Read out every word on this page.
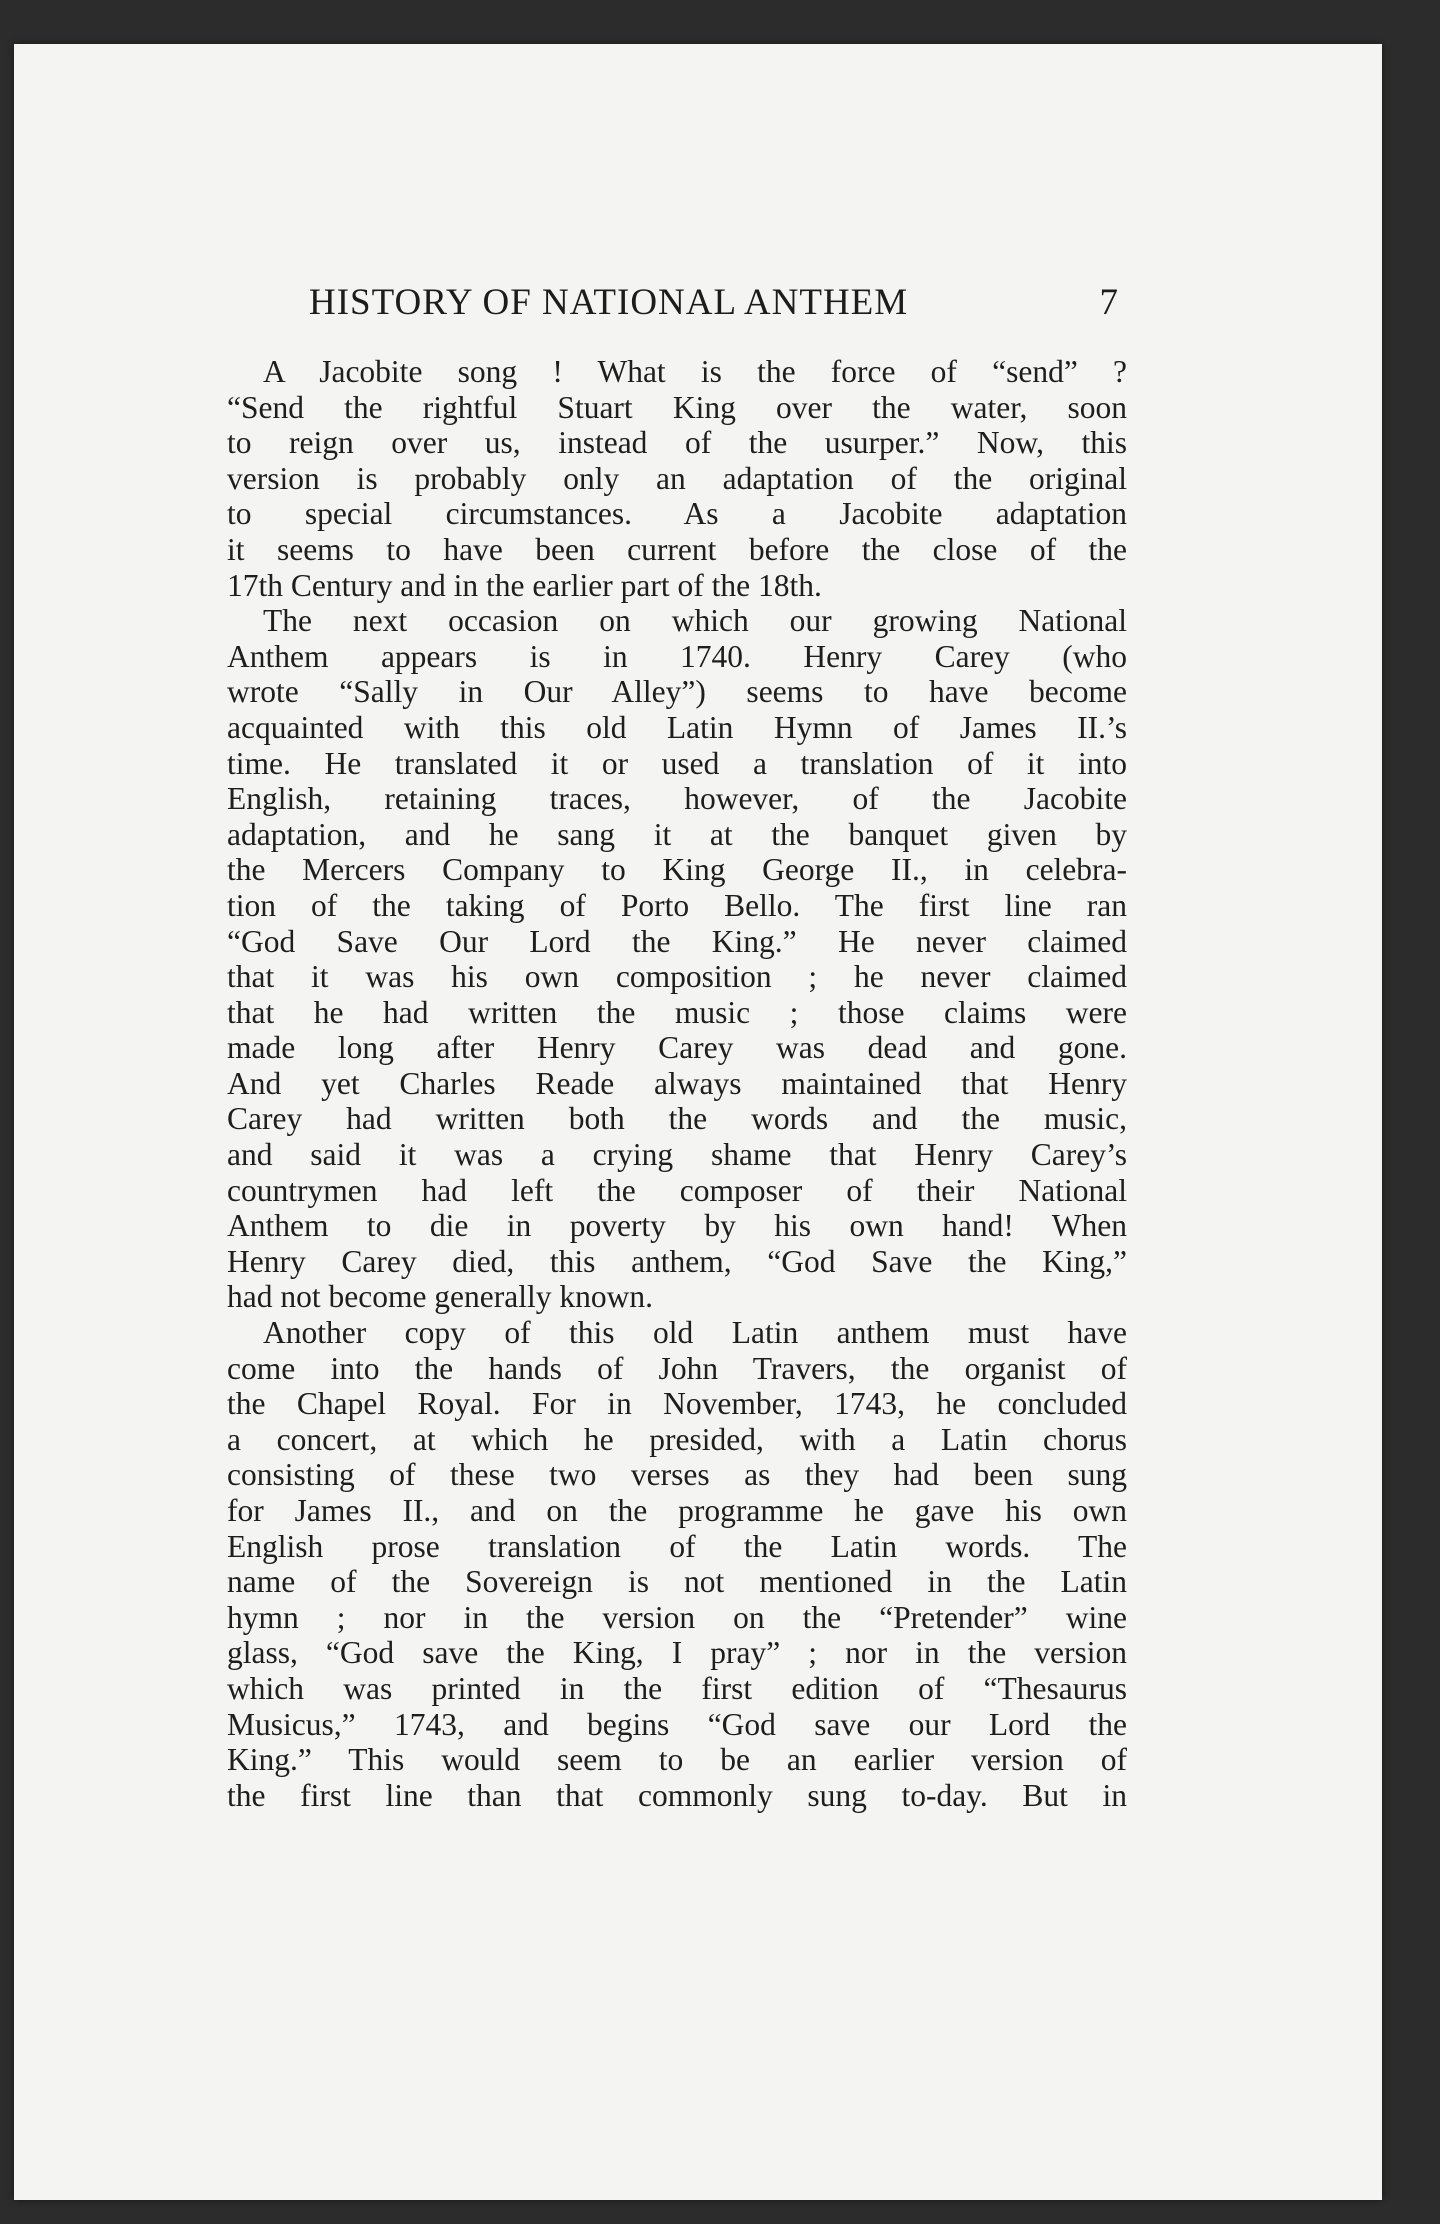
HISTORY OF NATIONAL ANTHEM	7
A Jacobite song ! What is the force of “send” ?
“Send the rightful Stuart King over the water, soon
to reign over us, instead of the usurper.” Now, this
version is probably only an adaptation of the original
to special circumstances. As a Jacobite adaptation
it seems to have been current before the close of the
17th Century and in the earlier part of the 18th.
The next occasion on which our growing National
Anthem appears is in 1740. Henry Carey (who
wrote “Sally in Our Alley”) seems to have become
acquainted with this old Latin Hymn of James II.’s
time. He translated it or used a translation of it into
English, retaining traces, however, of the Jacobite
adaptation, and he sang it at the banquet given by
the Mercers Company to King George II., in celebra-
tion of the taking of Porto Bello. The first line ran
“God Save Our Lord the King.” He never claimed
that it was his own composition ; he never claimed
that he had written the music ; those claims were
made long after Henry Carey was dead and gone.
And yet Charles Reade always maintained that Henry
Carey had written both the words and the music,
and said it was a crying shame that Henry Carey’s
countrymen had left the composer of their National
Anthem to die in poverty by his own hand! When
Henry Carey died, this anthem, “God Save the King,”
had not become generally known.
Another copy of this old Latin anthem must have
come into the hands of John Travers, the organist of
the Chapel Royal. For in November, 1743, he concluded
a concert, at which he presided, with a Latin chorus
consisting of these two verses as they had been sung
for James II., and on the programme he gave his own
English prose translation of the Latin words. The
name of the Sovereign is not mentioned in the Latin
hymn ; nor in the version on the “Pretender” wine
glass, “God save the King, I pray” ; nor in the version
which was printed in the first edition of “Thesaurus
Musicus,” 1743, and begins “God save our Lord the
King.” This would seem to be an earlier version of
the first line than that commonly sung to-day. But in
